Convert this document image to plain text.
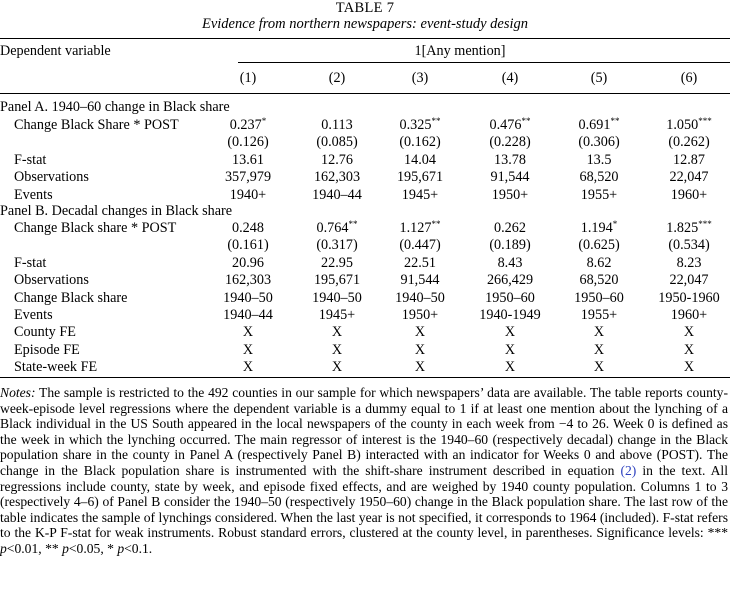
TABLE 7
Evidence from northern newspapers: event-study design
Dependent variable	1[Any mention]
(1)	(2)	(3)	(4)	(5)	(6)
Panel A. 1940–60 change in Black share
Change Black Share * POST	0.237*	0.113	0.325**	0.476**	0.691**	1.050***
(0.126)	(0.085)	(0.162)	(0.228)	(0.306)	(0.262)
F-stat	13.61	12.76	14.04	13.78	13.5	12.87
Observations	357,979	162,303	195,671	91,544	68,520	22,047
Events	1940+	1940–44	1945+	1950+	1955+	1960+
Panel B. Decadal changes in Black share
Change Black share * POST	0.248	0.764**	1.127**	0.262	1.194*	1.825***
(0.161)	(0.317)	(0.447)	(0.189)	(0.625)	(0.534)
F-stat	20.96	22.95	22.51	8.43	8.62	8.23
Observations	162,303	195,671	91,544	266,429	68,520	22,047
Change Black share	1940–50	1940–50	1940–50	1950–60	1950–60	1950-1960
Events	1940–44	1945+	1950+	1940-1949	1955+	1960+
County FE	X	X	X	X	X	X
Episode FE	X	X	X	X	X	X
State-week FE	X	X	X	X	X	X
Notes: The sample is restricted to the 492 counties in our sample for which newspapers’ data are available. The table reports county-week-episode level regressions where the dependent variable is a dummy equal to 1 if at least one mention about the lynching of a Black individual in the US South appeared in the local newspapers of the county in each week from −4 to 26. Week 0 is defined as the week in which the lynching occurred. The main regressor of interest is the 1940–60 (respectively decadal) change in the Black population share in the county in Panel A (respectively Panel B) interacted with an indicator for Weeks 0 and above (POST). The change in the Black population share is instrumented with the shift-share instrument described in equation (2) in the text. All regressions include county, state by week, and episode fixed effects, and are weighed by 1940 county population. Columns 1 to 3 (respectively 4–6) of Panel B consider the 1940–50 (respectively 1950–60) change in the Black population share. The last row of the table indicates the sample of lynchings considered. When the last year is not specified, it corresponds to 1964 (included). F-stat refers to the K-P F-stat for weak instruments. Robust standard errors, clustered at the county level, in parentheses. Significance levels: *** p<0.01, ** p<0.05, * p<0.1.
